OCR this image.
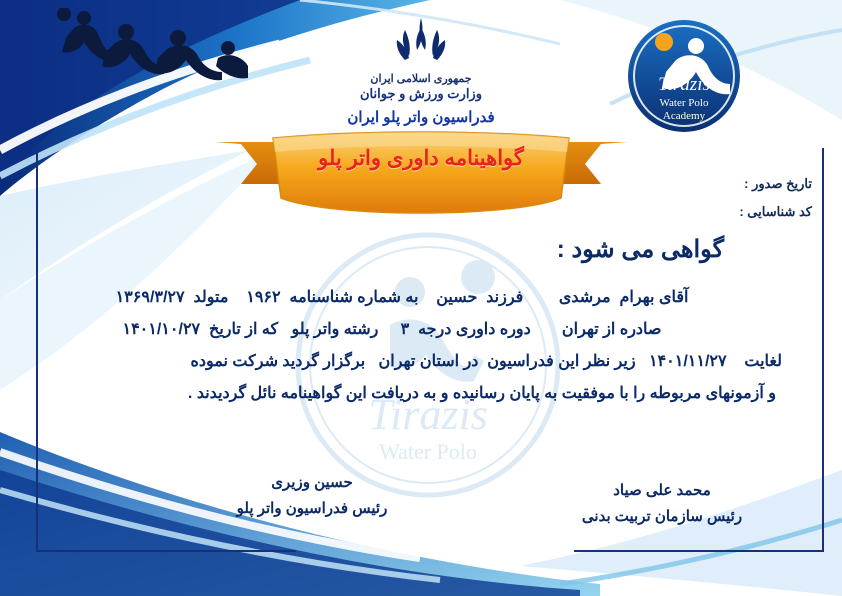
جمهوری اسلامی ایران
وزارت ورزش و جوانان
فدراسیون واتر پلو ایران
Tirazis
Water Polo
Academy
گواهینامه داوری واتر پلو
تاریخ صدور :
کد شناسایی :
گواهی می شود :
آقای بهرام  مرشدی        فرزند  حسین    به شماره شناسنامه  ۱۹۶۲    متولد  ۱۳۶۹/۳/۲۷
صادره از تهران       دوره داوری درجه  ۳     رشته واتر پلو   که از تاریخ  ۱۴۰۱/۱۰/۲۷
لغایت    ۱۴۰۱/۱۱/۲۷   زیر نظر این فدراسیون  در استان تهران   برگزار گردید شرکت نموده
و آزمونهای مربوطه را با موفقیت به پایان رسانیده و به دریافت این گواهینامه نائل گردیدند .
حسین وزیری
رئیس فدراسیون واتر پلو
محمد علی صیاد
رئیس سازمان تربیت بدنی
